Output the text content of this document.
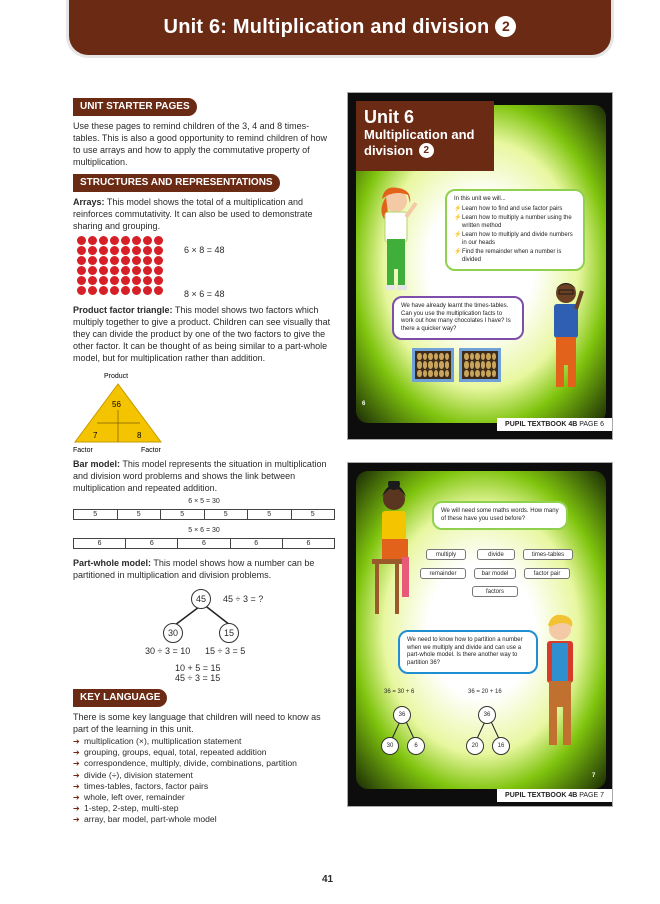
Unit 6: Multiplication and division 2
UNIT STARTER PAGES

Use these pages to remind children of the 3, 4 and 8 times-tables. This is also a good opportunity to remind children of how to use arrays and how to apply the commutative property of multiplication.

STRUCTURES AND REPRESENTATIONS

Arrays: This model shows the total of a multiplication and reinforces commutativity. It can also be used to demonstrate sharing and grouping.

6 × 8 = 48
8 × 6 = 48

Product factor triangle: This model shows two factors which multiply together to give a product. Children can see visually that they can divide the product by one of the two factors to give the other factor. It can be thought of as being similar to a part-whole model, but for multiplication rather than addition.

Product
56
7	8
Factor	Factor

Bar model: This model represents the situation in multiplication and division word problems and shows the link between multiplication and repeated addition.

6 × 5 = 30
5	5	5	5	5	5
5 × 6 = 30
6	6	6	6	6

Part-whole model: This model shows how a number can be partitioned in multiplication and division problems.

45	45 ÷ 3 = ?
30	15
30 ÷ 3 = 10 15 ÷ 3 = 5
10 + 5 = 15
45 ÷ 3 = 15
KEY LANGUAGE

There is some key language that children will need to know as part of the learning in this unit.

➔ multiplication (×), multiplication statement
➔ grouping, groups, equal, total, repeated addition
➔ correspondence, multiply, divide, combinations, partition
➔ divide (÷), division statement
➔ times-tables, factors, factor pairs
➔ whole, left over, remainder
➔ 1-step, 2-step, multi-step
➔ array, bar model, part-whole model
41
Unit 6
Multiplication and division 2
In this unit we will...
⚡ Learn how to find and use factor pairs
⚡ Learn how to multiply a number using the written method
⚡ Learn how to multiply and divide numbers in our heads
⚡ Find the remainder when a number is divided
We have already learnt the times-tables. Can you use the multiplication facts to work out how many chocolates I have? Is there a quicker way?
6
PUPIL TEXTBOOK 4B PAGE 6
We will need some maths words. How many of these have you used before?
multiply	divide	times-tables
remainder	bar model	factor pair
factors
We need to know how to partition a number when we multiply and divide and can use a part-whole model. Is there another way to partition 36?
36 = 30 + 6	36 = 20 + 16
36
30	6
36
20	16
7
PUPIL TEXTBOOK 4B PAGE 7
